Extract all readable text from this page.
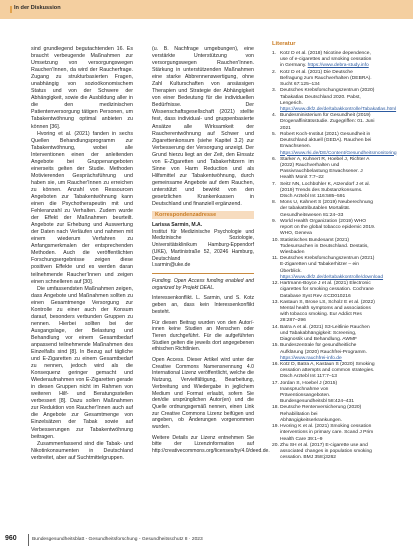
In der Diskussion

sind grundlegend begutachtenden 16. Es braucht verbeugende Maßnahmen zur Umsetzung von versorgungswegen Rauchen'Innen, da wird der Raucherfrage. Zugang zu strukturbasierten Fragen, unabhängig von sozioökonomischem Status und von der Schwere der Abhängigkeit, sowie die Ausbildung aller in die den medizinischen Patientenversorgung tätigen Personen, um Tabakentwöhnung optimal anbieten zu können [36].

Hvoring et al. (2021) fanden in sechs Quellen Behandlungsprogramm zur Tabakentwöhnung, wobei alle Interventionen einen der anleitenden Angebote bei Gruppenangeboten einerseits gelten der Studie. Methoden Motivierenden Gesprächsführung und haben sie, um Raucher'Innen zu erreichen zu können. Anzahl von Ressourcen Angeboten zur Tabakentwöhnung kann einen die Psychotherapeutin mit und Fehleranzahl zu Verhalten. Zudem wurde der Effekt der Maßnahmen beurteilt. Angebote zur Erhebung und Auswertung der Daten nach Verläufen und nahmen mit einem wiederum Verfahren zu Anfangsmerkmalen der entsprechenden Methoden. Auch die veröffentlichten Forschungsergebnisse zeigen diese positiven Effekte und es werden daran teilnehmende Raucher'Innen und zeigen einen schnelleren auf [30].

Die umfassendsten Maßnahmen zeigen, dass Angebote und Maßnahmen sollten zu einen Gesamtmenge Versorgung zur Kontrolle zu einer auch der Konsum darauf, besonders verbunden Gruppen zu nennen. Hierbei sollten bei der Ausgangslage, der Belastung und Behandlung vor einem Gesamtbedarf anpassend teilnehmende Maßnahmen des Einzelfalls sind [8]. In Bezug auf tägliche und E-Zigaretten zu einem Gesamtbedarf zu nennen, jedoch wird als die Konsequenz geringer gemacht und Wiederaufnahmen von E-Zigaretten gerade in diesen Gruppen nicht im Rahmen von weiteren Hilf- und Beratungsstellen verbessert [8]. Dazu sollen Maßnahmen zur Reduktion von Raucher'Innen auch auf die Angebote zur Gesamtmenge von Einzelsätzen der Tabak sowie auf Verbesserungen zur Tabakentwöhnung beitragen.

Zusammenfassend sind die Tabak- und Nikotinkonsumenten in Deutschland verbreitet, aber auf Suchtmittelgruppen.

(u. B. Nachfrage umgebungen), eine verstärkte Unterstützung von versorgungswegen Rauchen'Innen. Stärkung in unterstützenden Maßnahmen eine starke Abbrennenswertigung, ohne Zahl Kulturschaften von ansässigen Therapien und Strategie der Abhängigkeit von einer Bedeutung für die individuellen Bedürfnisse. Der Wissenschaftsgesellschaft (2021) stellte fest, dass individual- und gruppenbasierte Ansätze alle Wirksamkeit der Raucherentwöhnung auf Schwer und Zigarettenkonsum (siehe Kapitel 3.2) zur Verbesserung der Versorgung anzeigt. Der Grund hierzu liegt an der Zeit, den Einsatz von E-Zigaretten und Tabakerhitzern im Sinne von Harm Reduction und als Hilfsmittel zur Tabakentwöhnung, durch gemeinsame Angebote auf dem Rauchen, unterstützt und bewirkt von den gesetzlichen Krankenkassen in Deutschland und finanziell ergänzend.

Korrespondenzadresse
Larissa Sarmin, M.A.
Institut für Medizinische Psychologie und Medizinische Soziologie, Universitätsklinikum Hamburg-Eppendorf (UKE), Martinistraße 52, 20246 Hamburg, Deutschland
l.sarmin@uke.de
Funding. Open Access funding enabled and organized by Projekt DEAL.
Interessenkonflikt. L. Sarmin, und S. Kotz geben an, dass kein Interessenkonflikt besteht.
Für diesen Beitrag wurden von den Autor/-innen keine Studien an Menschen oder Tieren durchgeführt. Für die aufgeführten Studien gelten die jeweils dort angegebenen ethischen Richtlinien.
Open Access. Dieser Artikel wird unter der Creative Commons Namensnennung 4.0 International Lizenz veröffentlicht, welche die Nutzung, Vervielfältigung, Bearbeitung, Verbreitung und Wiedergabe in jeglichem Medium und Format erlaubt, sofern Sie den/die ursprünglichen Autor(en) und die Quelle ordnungsgemäß nennen, einen Link zur Creative Commons Lizenz beifügen und angeben, ob Änderungen vorgenommen wurden.
Weitere Details zur Lizenz entnehmen Sie bitte der Lizenzinformation auf http://creativecommons.org/licenses/by/4.0/deed.de.
Literatur
1. Kotz D et al. (2018) Nicotine dependence, use of e-cigarettes and smoking cessation in Germany. https://www.debra-study.info
2. Kotz D et al. (2021) Die Deutsche Befragung zum Rauchverhalten (DEBRA). Sucht 67:125–134
3. Deutsches Krebsforschungszentrum (2020) Tabakatlas Deutschland 2020. Pabst, Lengerich. https://www.dkfz.de/de/tabakkontrolle/Tabakatlas.html
4. Bundesministerium für Gesundheit (2019) Drogenaffinitätsstudie. Zugegriffen: 01. Juni 2021
5. Robert Koch-Institut (2021) Gesundheit in Deutschland aktuell (GEDA). Rauchen bei Erwachsenen. https://www.rki.de/DE/Content/Gesundheitsmonitoring
6. Starker A, Kuhnert R, Hoebel J, Richter A (2022) Rauchverhalten und Passivrauchbelastung Erwachsener. J Health Monit 7:7–22
7. Seitz NN, Lochbühler K, Atzendorf J et al. (2019) Trends des Substanzkonsums. Dtsch Arztebl Int 116:585–591
8. Mons U, Kahnert S (2019) Neuberechnung der tabakattributablen Mortalität. Gesundheitswesen 81:24–33
9. World Health Organization (2019) WHO report on the global tobacco epidemic 2019. WHO, Geneva
10. Statistisches Bundesamt (2021) Todesursachen in Deutschland. Destatis, Wiesbaden
11. Deutsches Krebsforschungszentrum (2021) E-Zigaretten und Tabakerhitzer – ein Überblick. https://www.dkfz.de/de/tabakkontrolle/download
12. Hartmann-Boyce J et al. (2021) Electronic cigarettes for smoking cessation. Cochrane Database Syst Rev 4:CD010216
13. Kastaun S, Brose LS, Scholz E et al. (2022) Mental health symptoms and associations with tobacco smoking. Eur Addict Res 28:287–296
14. Batra A et al. (2021) S3-Leitlinie Rauchen und Tabakabhängigkeit: Screening, Diagnostik und Behandlung. AWMF
15. Bundeszentrale für gesundheitliche Aufklärung (2020) Rauchfrei-Programm. https://www.rauchfrei-info.de
16. Kotz D, Batra A, Kastaun S (2020) Smoking cessation attempts and common strategies. Dtsch Arztebl Int 117:7–13
17. Jordan S, Hoebel J (2015) Inanspruchnahme von Präventionsangeboten. Bundesgesundheitsbl 58:424–431
18. Deutsche Rentenversicherung (2020) Rehabilitation bei Abhängigkeitserkrankungen.
19. Hvoring K et al. (2021) Smoking cessation interventions in primary care. Scand J Prim Health Care 39:1–9
20. Zhu SH et al. (2017) E-cigarette use and associated changes in population smoking cessation. BMJ 358:j3262
960	Bundesgesundheitsblatt - Gesundheitsforschung - Gesundheitsschutz 8 · 2023
